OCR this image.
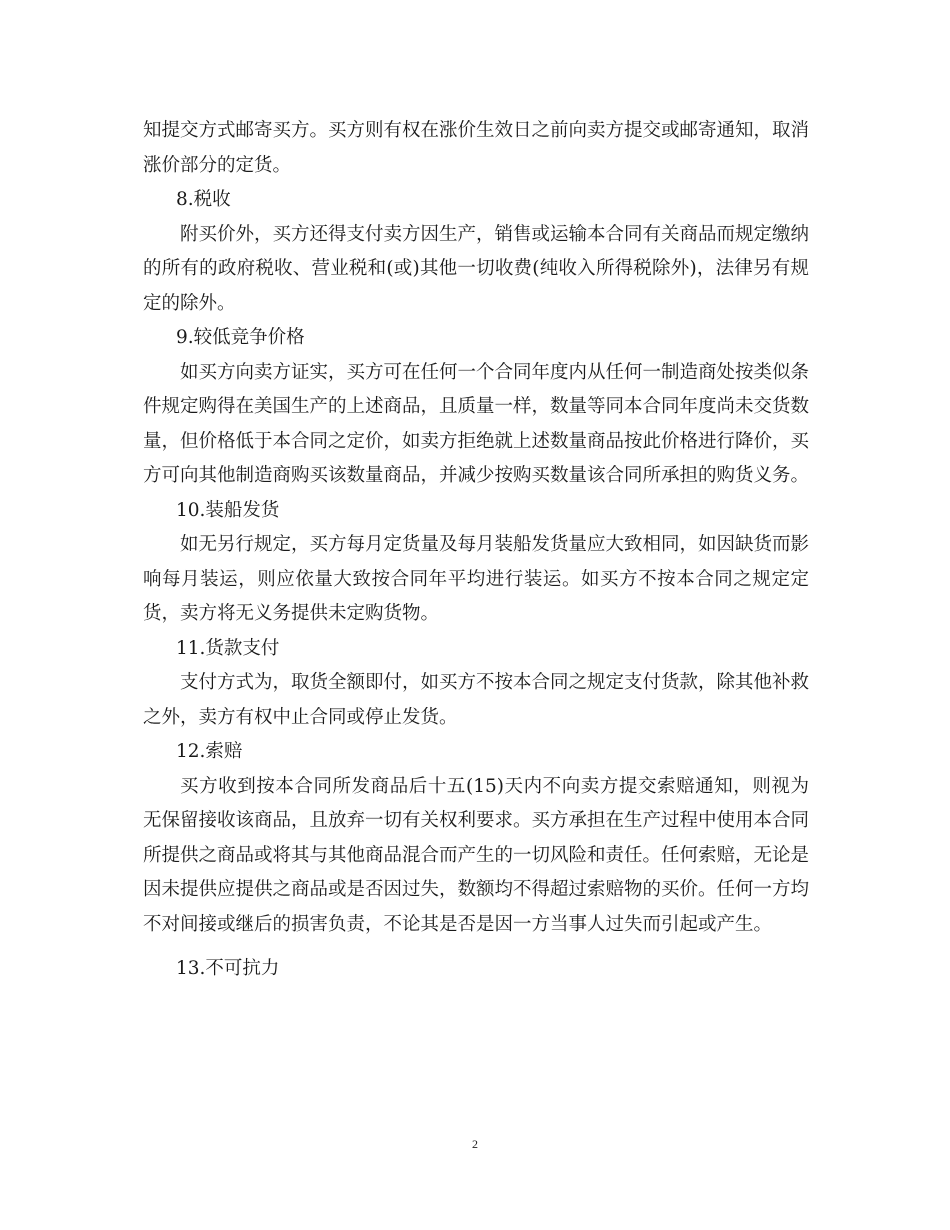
知提交方式邮寄买方。买方则有权在涨价生效日之前向卖方提交或邮寄通知，取消涨价部分的定货。

8.税收

附买价外，买方还得支付卖方因生产，销售或运输本合同有关商品而规定缴纳的所有的政府税收、营业税和(或)其他一切收费(纯收入所得税除外)，法律另有规定的除外。

9.较低竞争价格

如买方向卖方证实，买方可在任何一个合同年度内从任何一制造商处按类似条件规定购得在美国生产的上述商品，且质量一样，数量等同本合同年度尚未交货数量，但价格低于本合同之定价，如卖方拒绝就上述数量商品按此价格进行降价，买方可向其他制造商购买该数量商品，并减少按购买数量该合同所承担的购货义务。

10.装船发货

如无另行规定，买方每月定货量及每月装船发货量应大致相同，如因缺货而影响每月装运，则应依量大致按合同年平均进行装运。如买方不按本合同之规定定货，卖方将无义务提供未定购货物。

11.货款支付

支付方式为，取货全额即付，如买方不按本合同之规定支付货款，除其他补救之外，卖方有权中止合同或停止发货。

12.索赔

买方收到按本合同所发商品后十五(15)天内不向卖方提交索赔通知，则视为无保留接收该商品，且放弃一切有关权利要求。买方承担在生产过程中使用本合同所提供之商品或将其与其他商品混合而产生的一切风险和责任。任何索赔，无论是因未提供应提供之商品或是否因过失，数额均不得超过索赔物的买价。任何一方均不对间接或继后的损害负责，不论其是否是因一方当事人过失而引起或产生。

13.不可抗力

2
